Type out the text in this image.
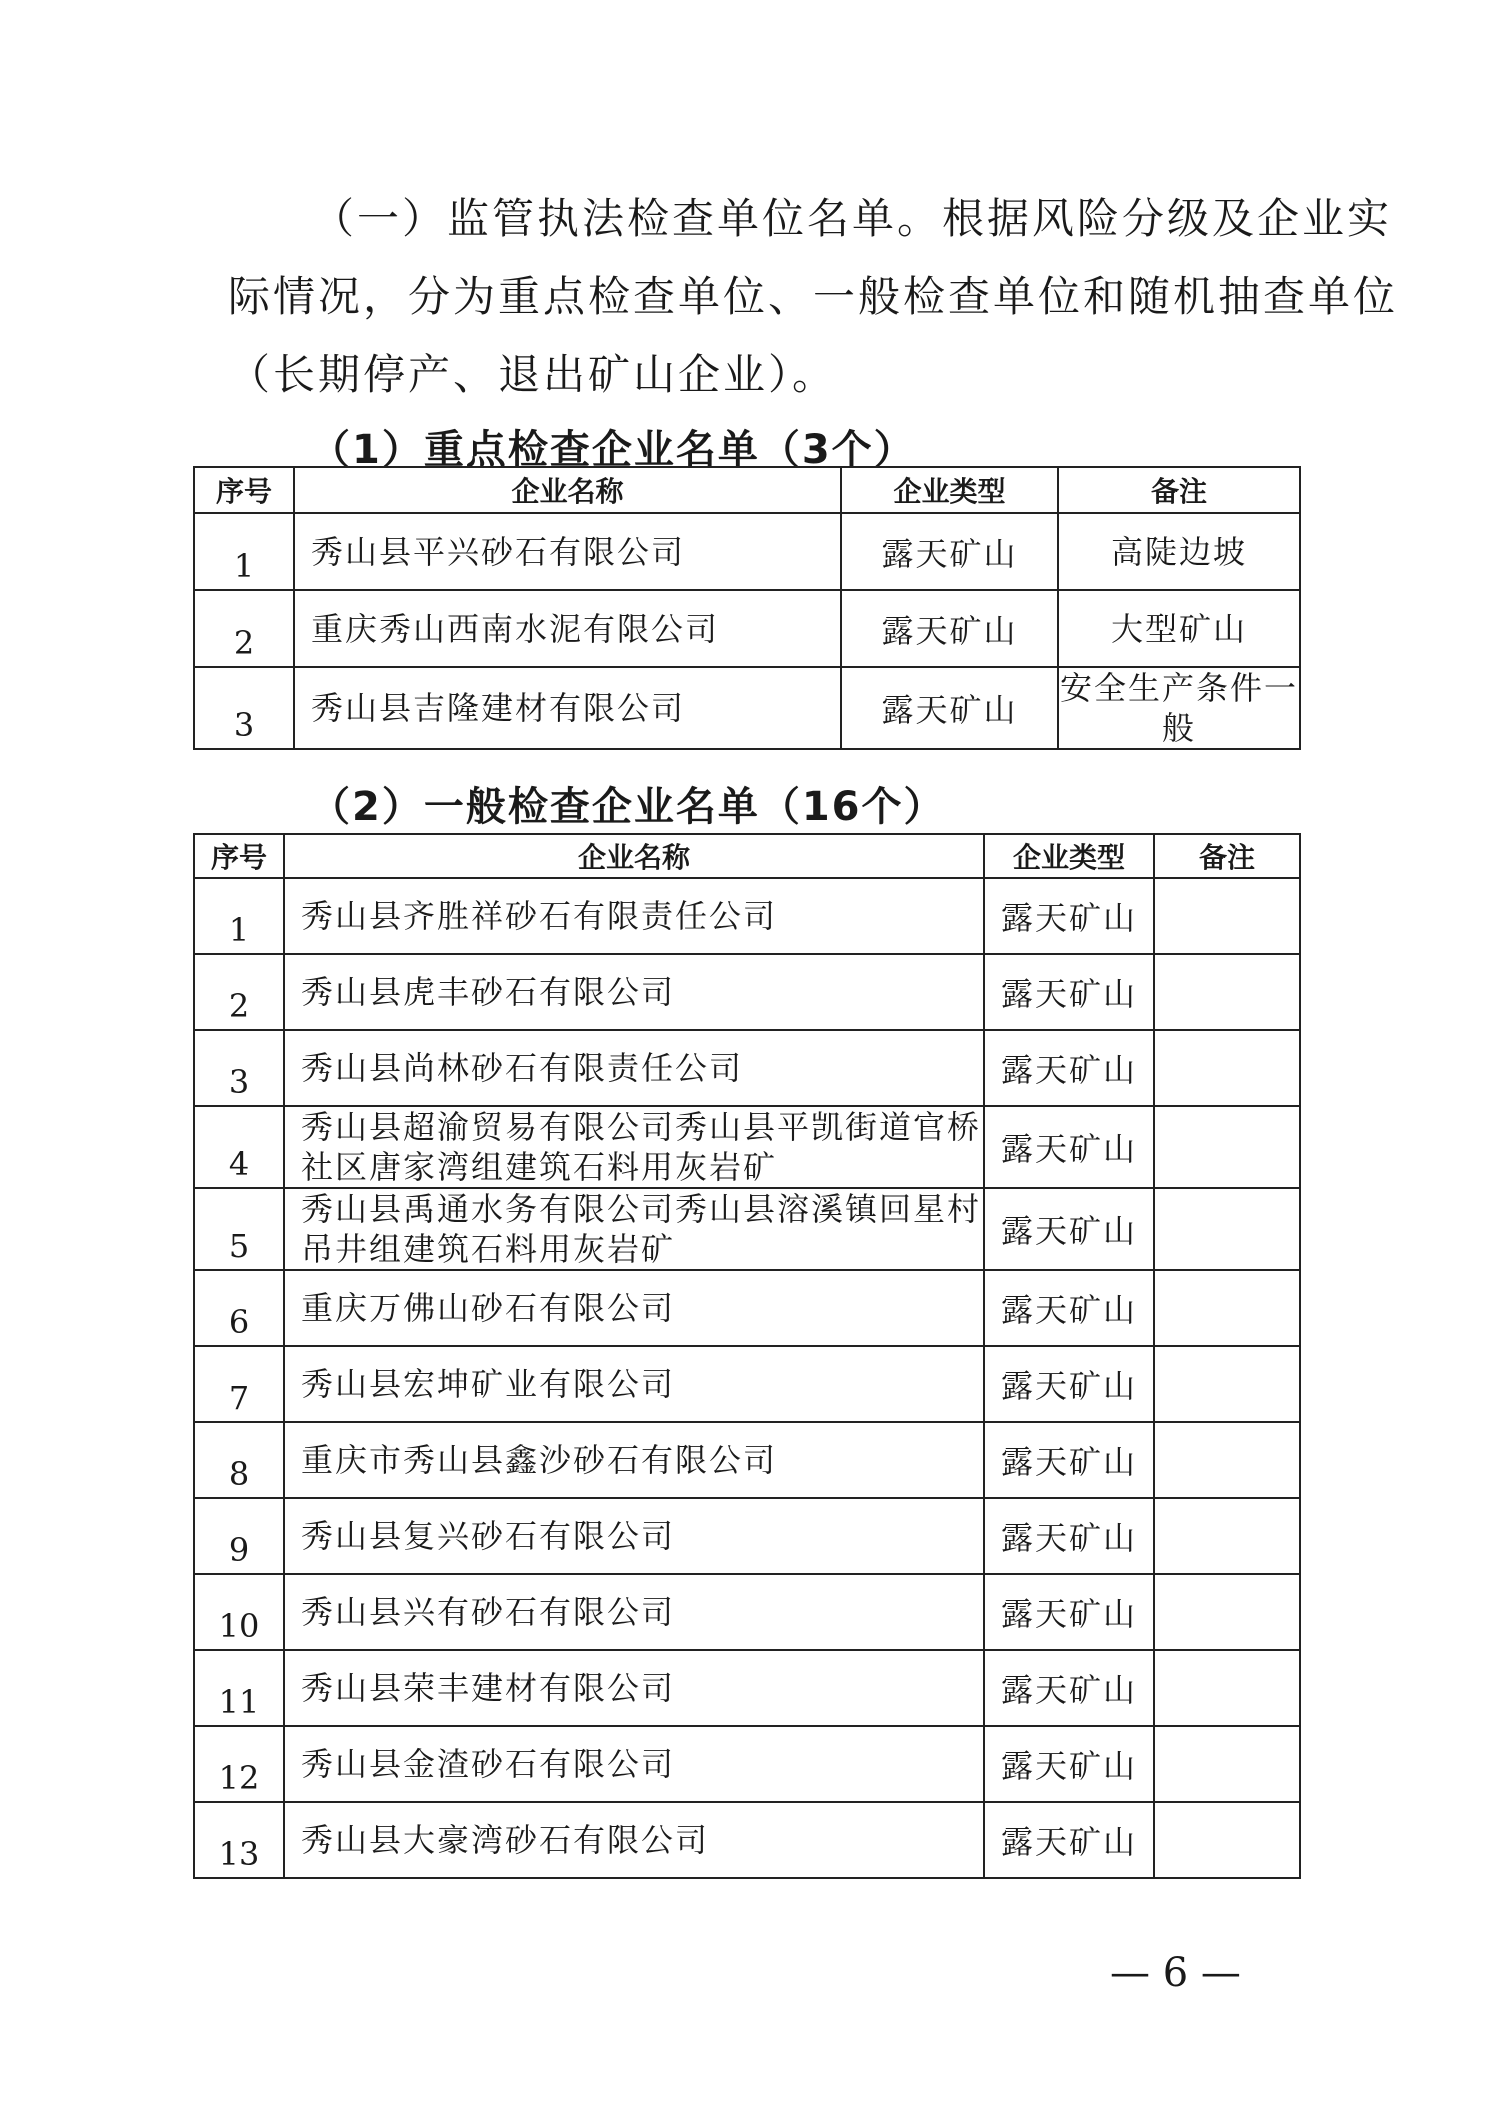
（一）监管执法检查单位名单。根据风险分级及企业实
际情况，分为重点检查单位、一般检查单位和随机抽查单位
（长期停产、退出矿山企业）。
（1）重点检查企业名单（3个）
序号	企业名称	企业类型	备注
1	秀山县平兴砂石有限公司	露天矿山	高陡边坡
2	重庆秀山西南水泥有限公司	露天矿山	大型矿山
3	秀山县吉隆建材有限公司	露天矿山	安全生产条件一般
（2）一般检查企业名单（16个）
序号	企业名称	企业类型	备注
1	秀山县齐胜祥砂石有限责任公司	露天矿山	
2	秀山县虎丰砂石有限公司	露天矿山	
3	秀山县尚林砂石有限责任公司	露天矿山	
4	秀山县超渝贸易有限公司秀山县平凯街道官桥社区唐家湾组建筑石料用灰岩矿	露天矿山	
5	秀山县禹通水务有限公司秀山县溶溪镇回星村吊井组建筑石料用灰岩矿	露天矿山	
6	重庆万佛山砂石有限公司	露天矿山	
7	秀山县宏坤矿业有限公司	露天矿山	
8	重庆市秀山县鑫沙砂石有限公司	露天矿山	
9	秀山县复兴砂石有限公司	露天矿山	
10	秀山县兴有砂石有限公司	露天矿山	
11	秀山县荣丰建材有限公司	露天矿山	
12	秀山县金渣砂石有限公司	露天矿山	
13	秀山县大豪湾砂石有限公司	露天矿山	
— 6 —
